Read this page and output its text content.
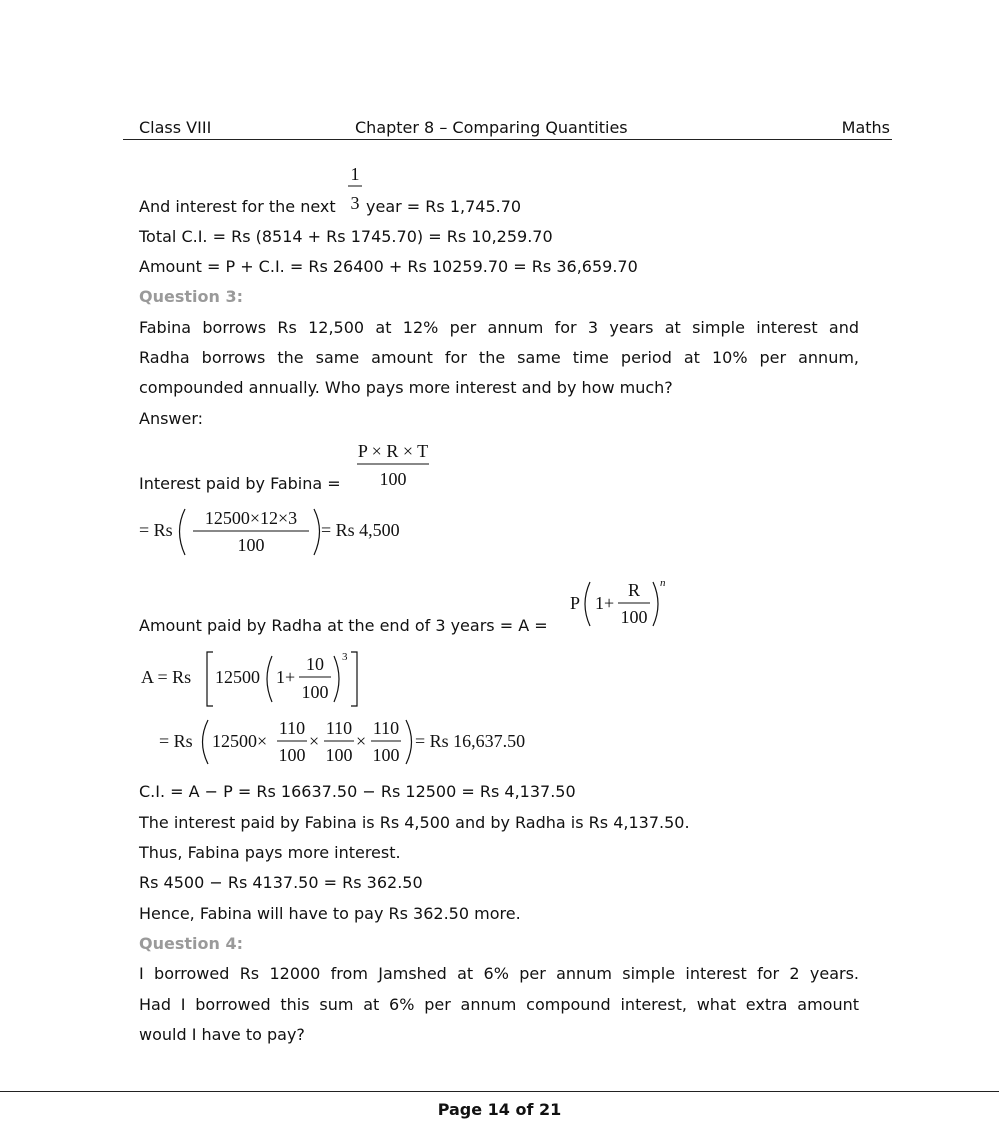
Class VIII	Chapter 8 – Comparing Quantities	Maths
And interest for the next
1
3 year = Rs 1,745.70
Total C.I. = Rs (8514 + Rs 1745.70) = Rs 10,259.70
Amount = P + C.I. = Rs 26400 + Rs 10259.70 = Rs 36,659.70
Question 3:
Fabina borrows Rs 12,500 at 12% per annum for 3 years at simple interest and
Radha borrows the same amount for the same time period at 10% per annum,
compounded annually. Who pays more interest and by how much?
Answer:
Interest paid by Fabina =
P × R × T
100
= Rs
12500×12×3
100
= Rs 4,500
Amount paid by Radha at the end of 3 years = A =
P 1+
R
100
n
A = Rs 12500 1+
10
100
3
= Rs 12500×
110
100
×
110
100
×
110
100
= Rs 16,637.50
C.I. = A − P = Rs 16637.50 − Rs 12500 = Rs 4,137.50
The interest paid by Fabina is Rs 4,500 and by Radha is Rs 4,137.50.
Thus, Fabina pays more interest.
Rs 4500 − Rs 4137.50 = Rs 362.50
Hence, Fabina will have to pay Rs 362.50 more.
Question 4:
I borrowed Rs 12000 from Jamshed at 6% per annum simple interest for 2 years.
Had I borrowed this sum at 6% per annum compound interest, what extra amount
would I have to pay?
Page 14 of 21
